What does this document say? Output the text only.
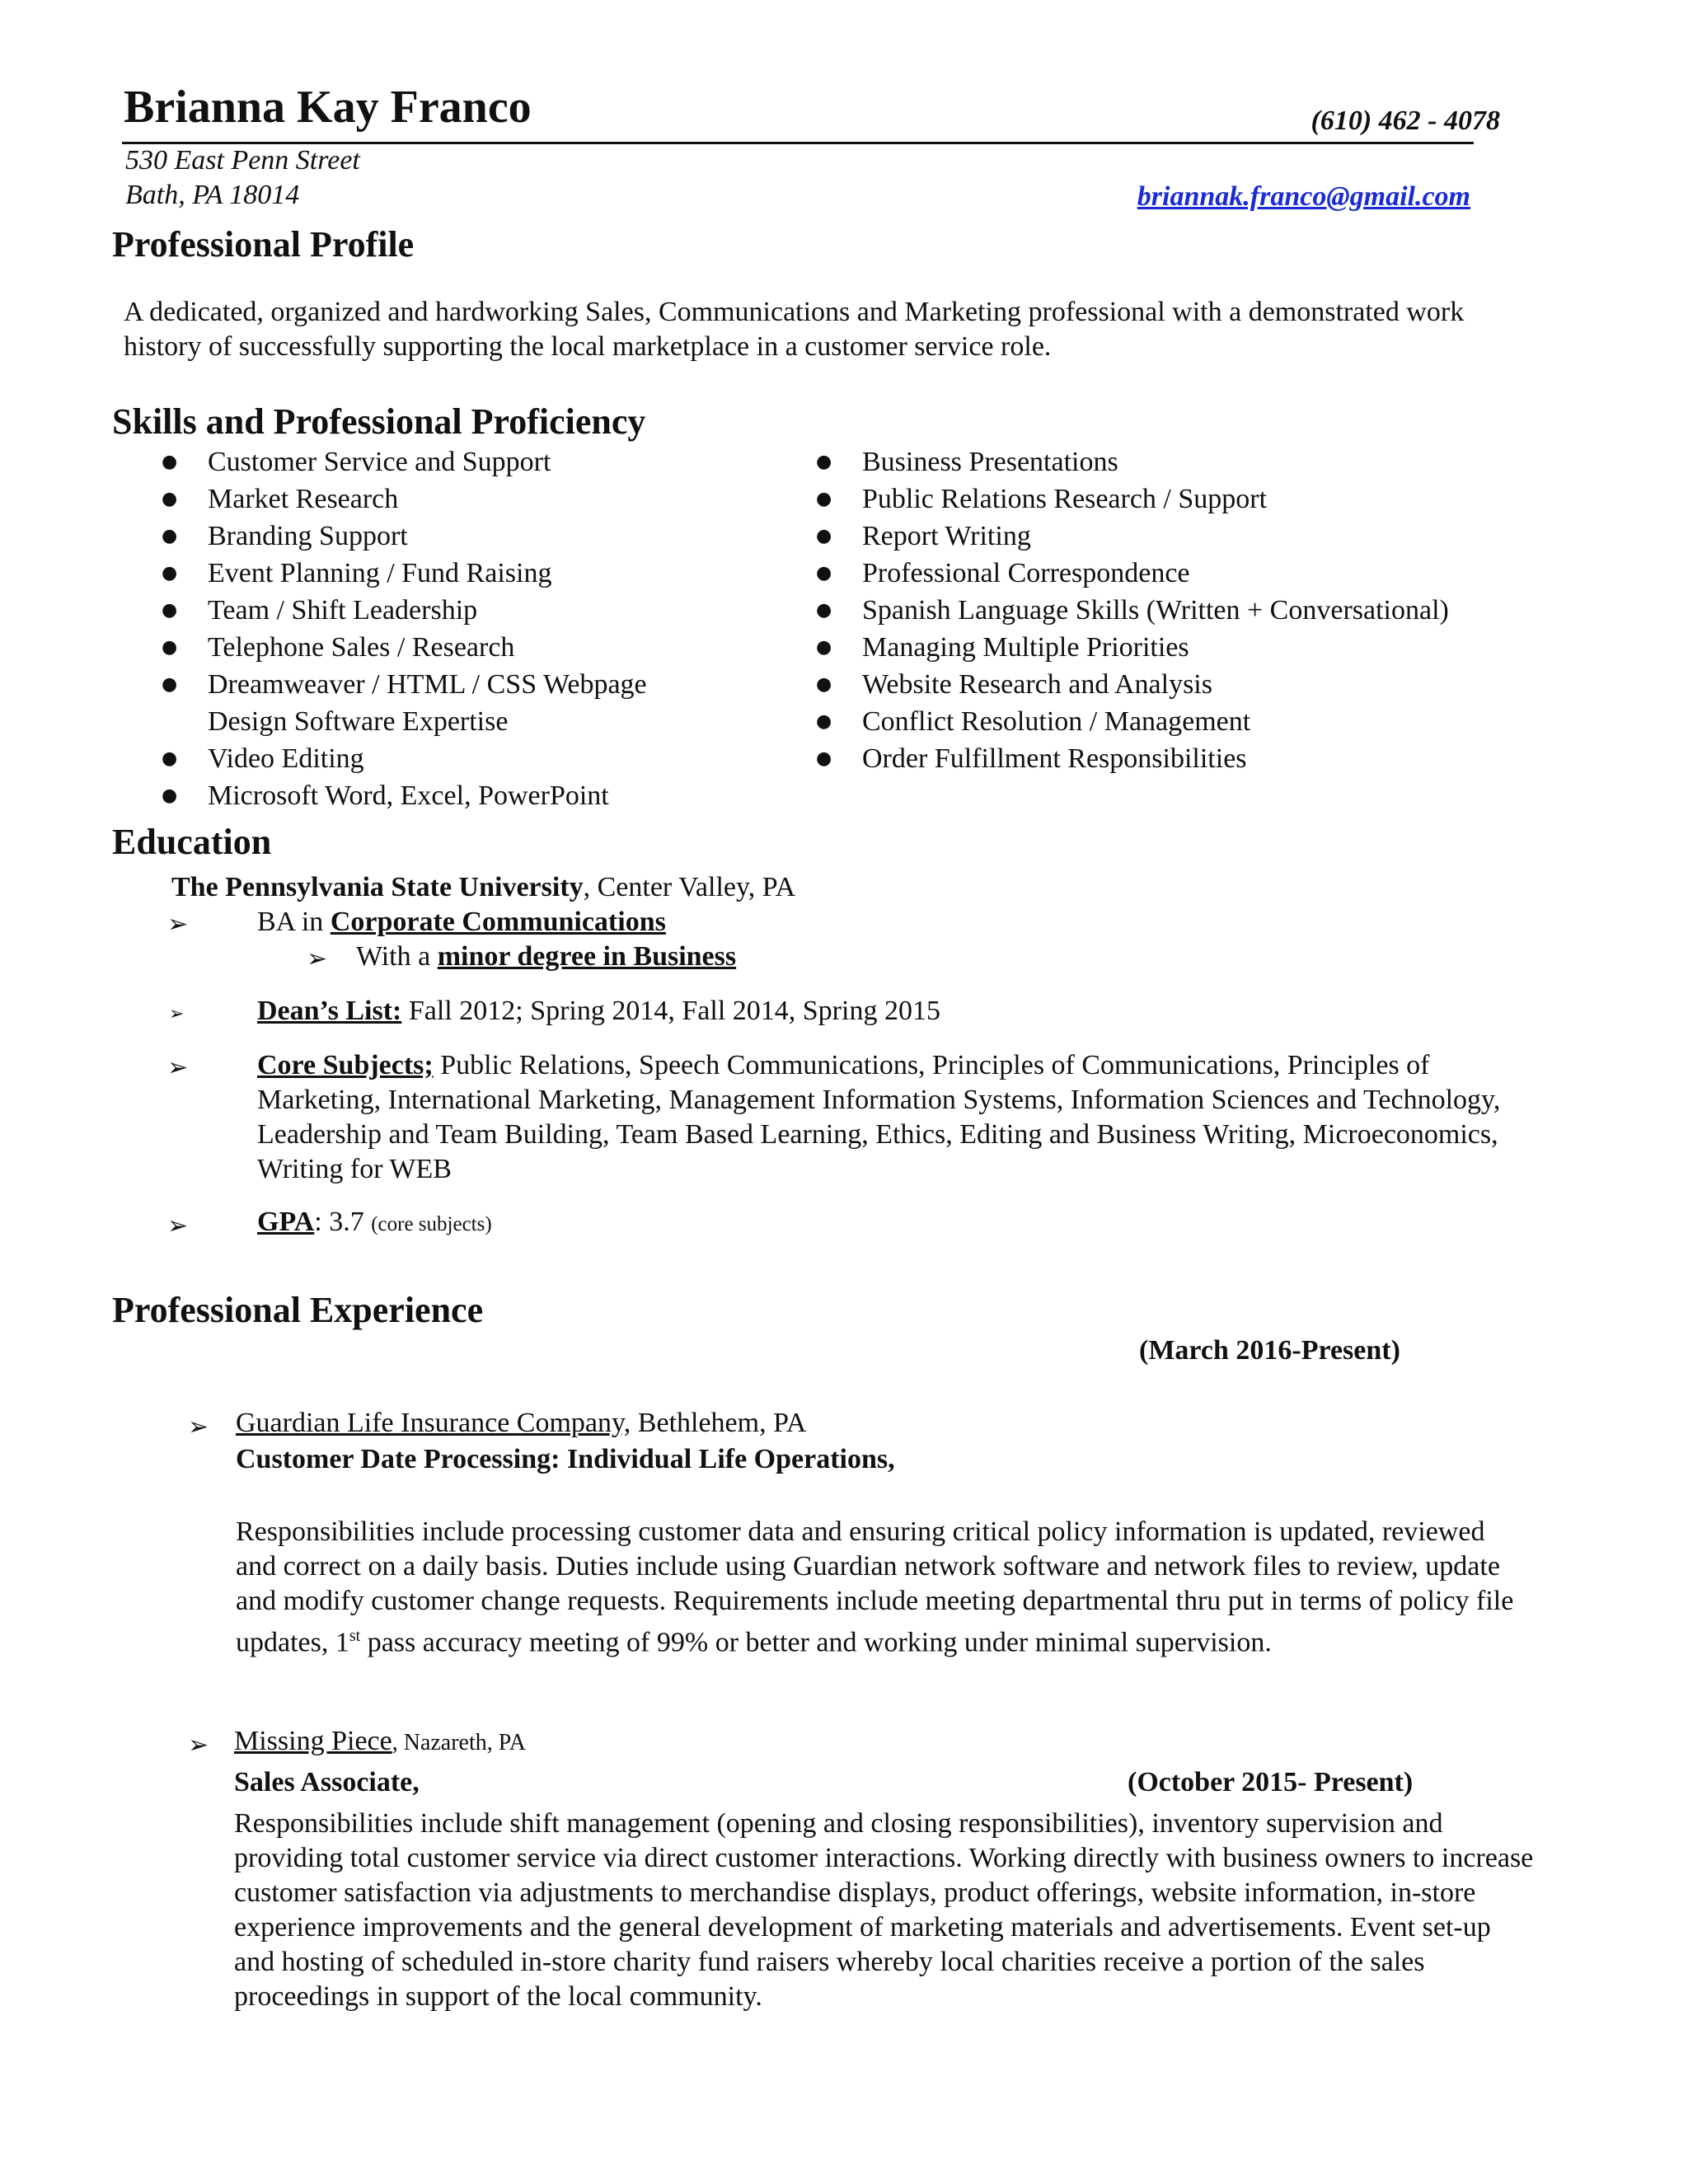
Brianna Kay Franco	(610) 462 - 4078
530 East Penn Street
Bath, PA 18014	briannak.franco@gmail.com
Professional Profile
A dedicated, organized and hardworking Sales, Communications and Marketing professional with a demonstrated work history of successfully supporting the local marketplace in a customer service role.
Skills and Professional Proficiency
● Customer Service and Support
● Market Research
● Branding Support
● Event Planning / Fund Raising
● Team / Shift Leadership
● Telephone Sales / Research
● Dreamweaver / HTML / CSS Webpage Design Software Expertise
● Video Editing
● Microsoft Word, Excel, PowerPoint
● Business Presentations
● Public Relations Research / Support
● Report Writing
● Professional Correspondence
● Spanish Language Skills (Written + Conversational)
● Managing Multiple Priorities
● Website Research and Analysis
● Conflict Resolution / Management
● Order Fulfillment Responsibilities
Education
The Pennsylvania State University, Center Valley, PA
➢ BA in Corporate Communications
➢ With a minor degree in Business
➢	Dean’s List: Fall 2012; Spring 2014, Fall 2014, Spring 2015
➢ Core Subjects; Public Relations, Speech Communications, Principles of Communications, Principles of Marketing, International Marketing, Management Information Systems, Information Sciences and Technology, Leadership and Team Building, Team Based Learning, Ethics, Editing and Business Writing, Microeconomics, Writing for WEB
➢ GPA: 3.7 (core subjects)
Professional Experience
(March 2016-Present)
➢ Guardian Life Insurance Company, Bethlehem, PA
Customer Date Processing: Individual Life Operations,
Responsibilities include processing customer data and ensuring critical policy information is updated, reviewed and correct on a daily basis. Duties include using Guardian network software and network files to review, update and modify customer change requests. Requirements include meeting departmental thru put in terms of policy file updates, 1st pass accuracy meeting of 99% or better and working under minimal supervision.
➢ Missing Piece, Nazareth, PA
Sales Associate,	(October 2015- Present)
Responsibilities include shift management (opening and closing responsibilities), inventory supervision and providing total customer service via direct customer interactions. Working directly with business owners to increase customer satisfaction via adjustments to merchandise displays, product offerings, website information, in-store experience improvements and the general development of marketing materials and advertisements. Event set-up and hosting of scheduled in-store charity fund raisers whereby local charities receive a portion of the sales proceedings in support of the local community.
